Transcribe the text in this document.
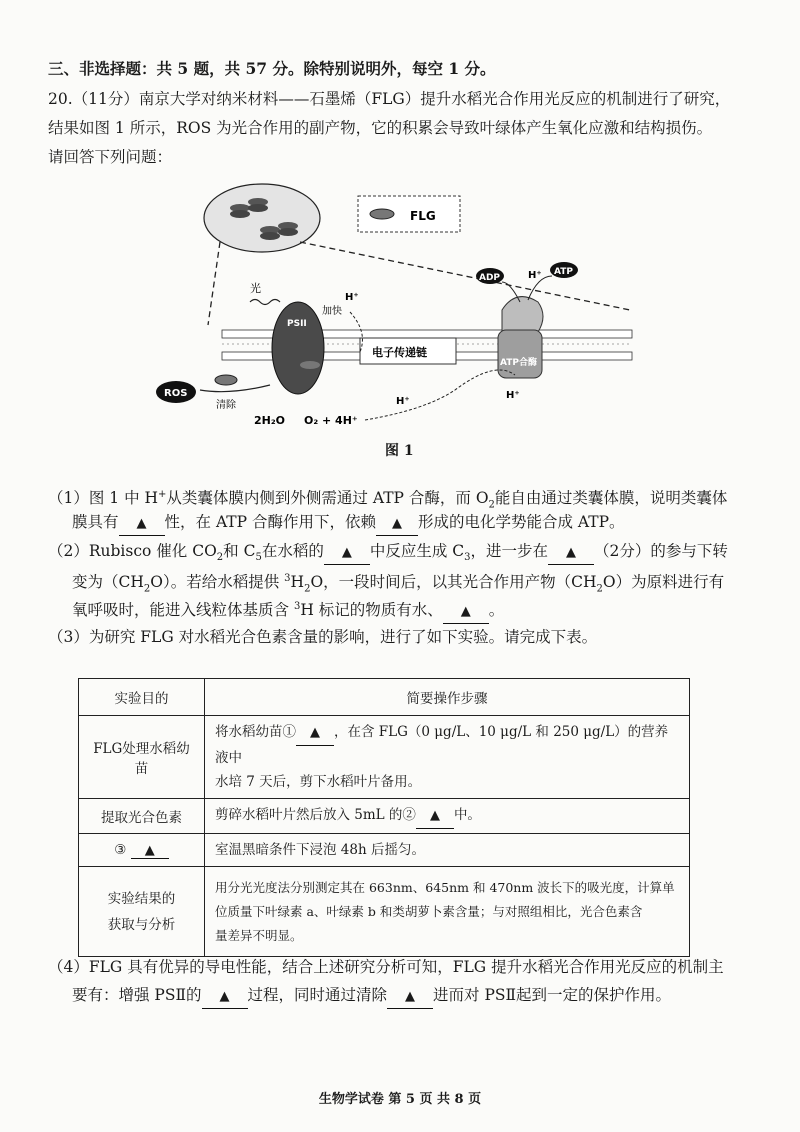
三、非选择题：共 5 题，共 57 分。除特别说明外，每空 1 分。
20.（11分）南京大学对纳米材料——石墨烯（FLG）提升水稻光合作用光反应的机制进行了研究，
结果如图 1 所示，ROS 为光合作用的副产物，它的积累会导致叶绿体产生氧化应激和结构损伤。
请回答下列问题：
FLG
光
PSII
加快
H⁺
电子传递链
ATP合酶
ADP	H⁺ ATP
ROS
清除
2H₂O O₂ + 4H⁺
H⁺
H⁺
图 1
（1）图 1 中 H+从类囊体膜内侧到外侧需通过 ATP 合酶，而 $O_2$能自由通过类囊体膜，说明类囊体
膜具有 ▲ 性，在 ATP 合酶作用下，依赖 ▲ 形成的电化学势能合成 ATP。
（2）Rubisco 催化 $CO_2$和 $C_5$在水稻的 ▲ 中反应生成 $C_3$，进一步在 ▲ （2分）的参与下转
变为$(CH_2O)$。若给水稻提供 $^3H_2O$，一段时间后，以其光合作用产物$(CH_2O)$为原料进行有
氧呼吸时，能进入线粒体基质含 $^3$H 标记的物质有水、 ▲ 。
（3）为研究 FLG 对水稻光合色素含量的影响，进行了如下实验。请完成下表。
实验目的	简要操作步骤
FLG处理水稻幼苗	将水稻幼苗① ▲ ，在含 FLG（0 μg/L、10 μg/L 和 250 μg/L）的营养液中
水培 7 天后，剪下水稻叶片备用。
提取光合色素	剪碎水稻叶片然后放入 5mL 的② ▲ 中。
③ ▲	室温黑暗条件下浸泡 48h 后摇匀。
实验结果的
获取与分析	用分光光度法分别测定其在 663nm、645nm 和 470nm 波长下的吸光度，计算单
位质量下叶绿素 a、叶绿素 b 和类胡萝卜素含量；与对照组相比，光合色素含
量差异不明显。
（4）FLG 具有优异的导电性能，结合上述研究分析可知，FLG 提升水稻光合作用光反应的机制主
要有：增强 PSⅡ的 ▲ 过程，同时通过清除 ▲ 进而对 PSⅡ起到一定的保护作用。
生物学试卷 第 5 页 共 8 页
